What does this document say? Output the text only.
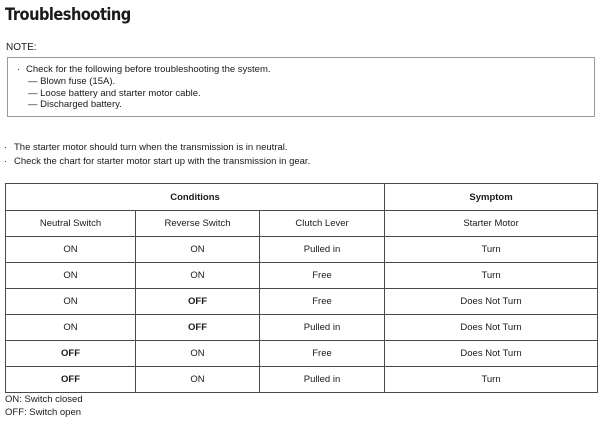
Troubleshooting
NOTE:
· Check for the following before troubleshooting the system.
— Blown fuse (15A).
— Loose battery and starter motor cable.
— Discharged battery.
· The starter motor should turn when the transmission is in neutral.
· Check the chart for starter motor start up with the transmission in gear.
Conditions			Symptom
Neutral Switch	Reverse Switch	Clutch Lever	Starter Motor
ON	ON	Pulled in	Turn
ON	ON	Free	Turn
ON	OFF	Free	Does Not Turn
ON	OFF	Pulled in	Does Not Turn
OFF	ON	Free	Does Not Turn
OFF	ON	Pulled in	Turn
ON: Switch closed
OFF: Switch open
